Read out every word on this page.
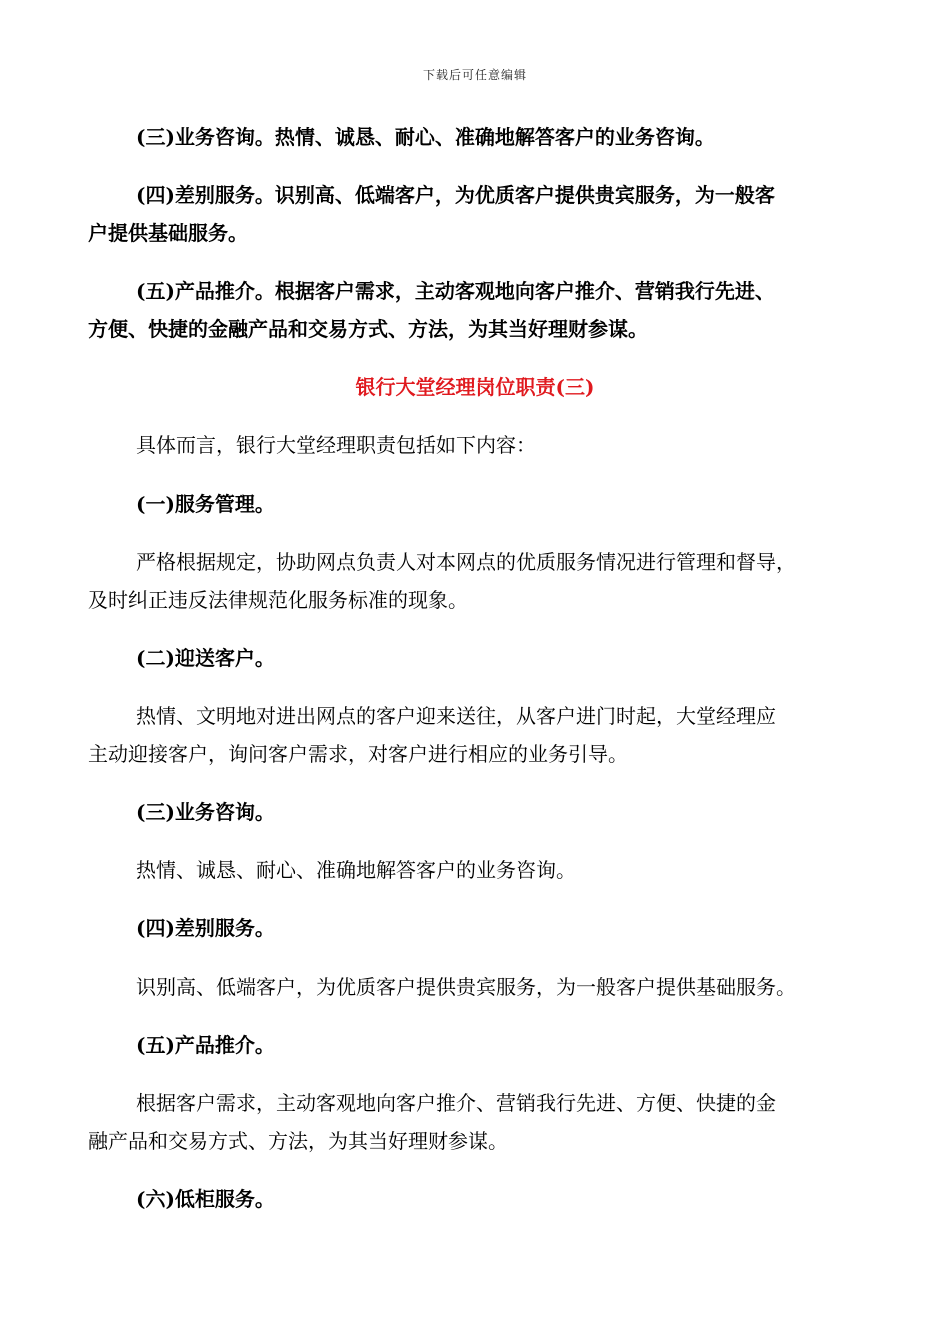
下载后可任意编辑
(三)业务咨询。热情、诚恳、耐心、准确地解答客户的业务咨询。
(四)差别服务。识别高、低端客户，为优质客户提供贵宾服务，为一般客
户提供基础服务。
(五)产品推介。根据客户需求，主动客观地向客户推介、营销我行先进、
方便、快捷的金融产品和交易方式、方法，为其当好理财参谋。
银行大堂经理岗位职责(三)
具体而言，银行大堂经理职责包括如下内容：
(一)服务管理。
严格根据规定，协助网点负责人对本网点的优质服务情况进行管理和督导，
及时纠正违反法律规范化服务标准的现象。
(二)迎送客户。
热情、文明地对进出网点的客户迎来送往，从客户进门时起，大堂经理应
主动迎接客户，询问客户需求，对客户进行相应的业务引导。
(三)业务咨询。
热情、诚恳、耐心、准确地解答客户的业务咨询。
(四)差别服务。
识别高、低端客户，为优质客户提供贵宾服务，为一般客户提供基础服务。
(五)产品推介。
根据客户需求，主动客观地向客户推介、营销我行先进、方便、快捷的金
融产品和交易方式、方法，为其当好理财参谋。
(六)低柜服务。
